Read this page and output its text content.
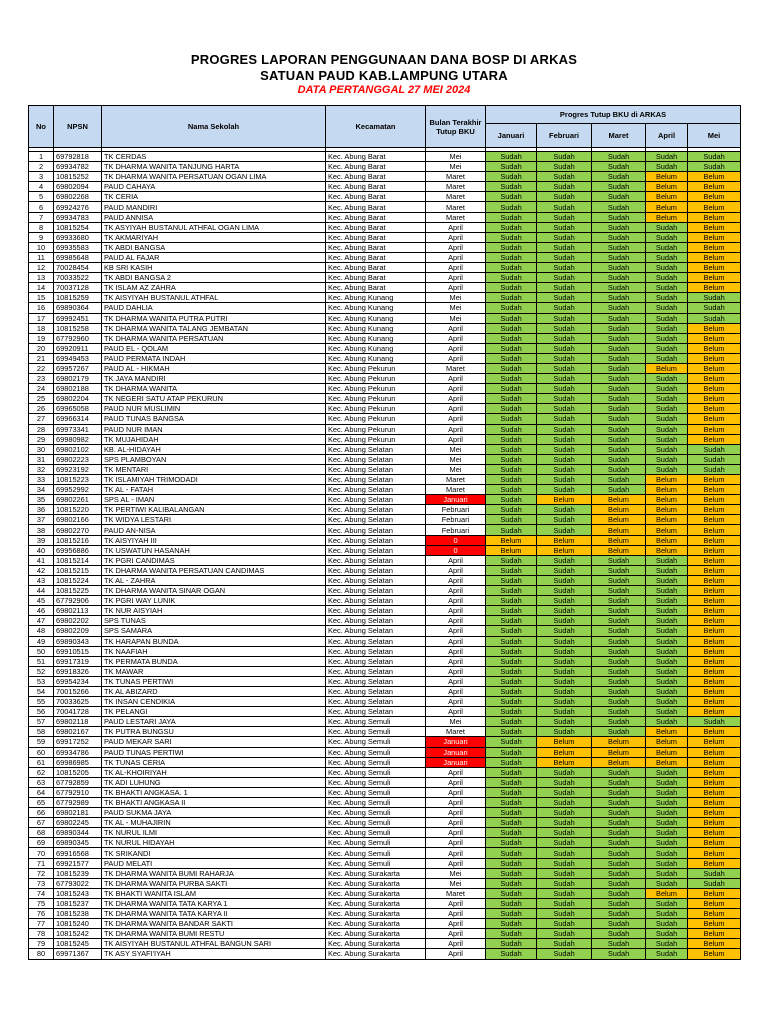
PROGRES LAPORAN PENGGUNAAN DANA BOSP DI ARKAS
SATUAN PAUD KAB.LAMPUNG UTARA
DATA PERTANGGAL 27 MEI 2024
No	NPSN	Nama Sekolah	Kecamatan	Bulan Terakhir Tutup BKU	Progres Tutup BKU di ARKAS				
					Januari	Februari	Maret	April	Mei

1	69792818	TK CERDAS	Kec. Abung Barat	Mei	Sudah	Sudah	Sudah	Sudah	Sudah
2	69934782	TK DHARMA WANITA TANJUNG HARTA	Kec. Abung Barat	Mei	Sudah	Sudah	Sudah	Sudah	Sudah
3	10815252	TK DHARMA WANITA PERSATUAN OGAN LIMA	Kec. Abung Barat	Maret	Sudah	Sudah	Sudah	Belum	Belum
4	69802094	PAUD CAHAYA	Kec. Abung Barat	Maret	Sudah	Sudah	Sudah	Belum	Belum
5	69802268	TK CERIA	Kec. Abung Barat	Maret	Sudah	Sudah	Sudah	Belum	Belum
6	69924276	PAUD MANDIRI	Kec. Abung Barat	Maret	Sudah	Sudah	Sudah	Belum	Belum
7	69934783	PAUD ANNISA	Kec. Abung Barat	Maret	Sudah	Sudah	Sudah	Belum	Belum
8	10815254	TK ASYIYAH BUSTANUL ATHFAL OGAN LIMA	Kec. Abung Barat	April	Sudah	Sudah	Sudah	Sudah	Belum
9	69933680	TK AKMARIYAH	Kec. Abung Barat	April	Sudah	Sudah	Sudah	Sudah	Belum
10	69935583	TK ABDI BANGSA	Kec. Abung Barat	April	Sudah	Sudah	Sudah	Sudah	Belum
11	69985648	PAUD AL FAJAR	Kec. Abung Barat	April	Sudah	Sudah	Sudah	Sudah	Belum
12	70028454	KB SRI KASIH	Kec. Abung Barat	April	Sudah	Sudah	Sudah	Sudah	Belum
13	70033522	TK ABDI BANGSA 2	Kec. Abung Barat	April	Sudah	Sudah	Sudah	Sudah	Belum
14	70037128	TK ISLAM AZ ZAHRA	Kec. Abung Barat	April	Sudah	Sudah	Sudah	Sudah	Belum
15	10815259	TK AISYIYAH BUSTANUL ATHFAL	Kec. Abung Kunang	Mei	Sudah	Sudah	Sudah	Sudah	Sudah
16	69890364	PAUD DAHLIA	Kec. Abung Kunang	Mei	Sudah	Sudah	Sudah	Sudah	Sudah
17	69992451	TK DHARMA WANITA PUTRA PUTRI	Kec. Abung Kunang	Mei	Sudah	Sudah	Sudah	Sudah	Sudah
18	10815258	TK DHARMA WANITA TALANG JEMBATAN	Kec. Abung Kunang	April	Sudah	Sudah	Sudah	Sudah	Belum
19	67792960	TK DHARMA WANITA PERSATUAN	Kec. Abung Kunang	April	Sudah	Sudah	Sudah	Sudah	Belum
20	69920911	PAUD EL - QOLAM	Kec. Abung Kunang	April	Sudah	Sudah	Sudah	Sudah	Belum
21	69949453	PAUD PERMATA INDAH	Kec. Abung Kunang	April	Sudah	Sudah	Sudah	Sudah	Belum
22	69957267	PAUD AL - HIKMAH	Kec. Abung Pekurun	Maret	Sudah	Sudah	Sudah	Belum	Belum
23	69802179	TK JAYA MANDIRI	Kec. Abung Pekurun	April	Sudah	Sudah	Sudah	Sudah	Belum
24	69802188	TK DHARMA WANITA	Kec. Abung Pekurun	April	Sudah	Sudah	Sudah	Sudah	Belum
25	69802204	TK NEGERI SATU ATAP PEKURUN	Kec. Abung Pekurun	April	Sudah	Sudah	Sudah	Sudah	Belum
26	69965058	PAUD NUR MUSLIMIN	Kec. Abung Pekurun	April	Sudah	Sudah	Sudah	Sudah	Belum
27	69966314	PAUD TUNAS BANGSA	Kec. Abung Pekurun	April	Sudah	Sudah	Sudah	Sudah	Belum
28	69973341	PAUD NUR IMAN	Kec. Abung Pekurun	April	Sudah	Sudah	Sudah	Sudah	Belum
29	69980982	TK MUJAHIDAH	Kec. Abung Pekurun	April	Sudah	Sudah	Sudah	Sudah	Belum
30	69802102	KB. AL-HIDAYAH	Kec. Abung Selatan	Mei	Sudah	Sudah	Sudah	Sudah	Sudah
31	69802223	SPS PLAMBOYAN	Kec. Abung Selatan	Mei	Sudah	Sudah	Sudah	Sudah	Sudah
32	69923192	TK MENTARI	Kec. Abung Selatan	Mei	Sudah	Sudah	Sudah	Sudah	Sudah
33	10815223	TK ISLAMIYAH TRIMODADI	Kec. Abung Selatan	Maret	Sudah	Sudah	Sudah	Belum	Belum
34	69952992	TK AL - FATAH	Kec. Abung Selatan	Maret	Sudah	Sudah	Sudah	Belum	Belum
35	69802261	SPS AL - IMAN	Kec. Abung Selatan	Januari	Sudah	Belum	Belum	Belum	Belum
36	10815220	TK PERTIWI KALIBALANGAN	Kec. Abung Selatan	Februari	Sudah	Sudah	Belum	Belum	Belum
37	69802166	TK WIDYA LESTARI	Kec. Abung Selatan	Februari	Sudah	Sudah	Belum	Belum	Belum
38	69802270	PAUD AN-NISA	Kec. Abung Selatan	Februari	Sudah	Sudah	Belum	Belum	Belum
39	10815216	TK AISYIYAH III	Kec. Abung Selatan	0	Belum	Belum	Belum	Belum	Belum
40	69956886	TK USWATUN HASANAH	Kec. Abung Selatan	0	Belum	Belum	Belum	Belum	Belum
41	10815214	TK PGRI CANDIMAS	Kec. Abung Selatan	April	Sudah	Sudah	Sudah	Sudah	Belum
42	10815215	TK DHARMA WANITA PERSATUAN CANDIMAS	Kec. Abung Selatan	April	Sudah	Sudah	Sudah	Sudah	Belum
43	10815224	TK AL - ZAHRA	Kec. Abung Selatan	April	Sudah	Sudah	Sudah	Sudah	Belum
44	10815225	TK DHARMA WANITA SINAR OGAN	Kec. Abung Selatan	April	Sudah	Sudah	Sudah	Sudah	Belum
45	67792906	TK PGRI WAY LUNIK	Kec. Abung Selatan	April	Sudah	Sudah	Sudah	Sudah	Belum
46	69802113	TK NUR AISYIAH	Kec. Abung Selatan	April	Sudah	Sudah	Sudah	Sudah	Belum
47	69802202	SPS TUNAS	Kec. Abung Selatan	April	Sudah	Sudah	Sudah	Sudah	Belum
48	69802209	SPS SAMARA	Kec. Abung Selatan	April	Sudah	Sudah	Sudah	Sudah	Belum
49	69890343	TK HARAPAN BUNDA	Kec. Abung Selatan	April	Sudah	Sudah	Sudah	Sudah	Belum
50	69910515	TK NAAFIAH	Kec. Abung Selatan	April	Sudah	Sudah	Sudah	Sudah	Belum
51	69917319	TK PERMATA BUNDA	Kec. Abung Selatan	April	Sudah	Sudah	Sudah	Sudah	Belum
52	69918326	TK MAWAR	Kec. Abung Selatan	April	Sudah	Sudah	Sudah	Sudah	Belum
53	69954234	TK TUNAS PERTIWI	Kec. Abung Selatan	April	Sudah	Sudah	Sudah	Sudah	Belum
54	70015266	TK AL ABIZARD	Kec. Abung Selatan	April	Sudah	Sudah	Sudah	Sudah	Belum
55	70033625	TK INSAN CENDIKIA	Kec. Abung Selatan	April	Sudah	Sudah	Sudah	Sudah	Belum
56	70041728	TK PELANGI	Kec. Abung Selatan	April	Sudah	Sudah	Sudah	Sudah	Belum
57	69802118	PAUD LESTARI JAYA	Kec. Abung Semuli	Mei	Sudah	Sudah	Sudah	Sudah	Sudah
58	69802167	TK PUTRA BUNGSU	Kec. Abung Semuli	Maret	Sudah	Sudah	Sudah	Belum	Belum
59	69917252	PAUD MEKAR SARI	Kec. Abung Semuli	Januari	Sudah	Belum	Belum	Belum	Belum
60	69934786	PAUD TUNAS PERTIWI	Kec. Abung Semuli	Januari	Sudah	Belum	Belum	Belum	Belum
61	69986985	TK TUNAS CERIA	Kec. Abung Semuli	Januari	Sudah	Belum	Belum	Belum	Belum
62	10815205	TK AL-KHOIRIYAH	Kec. Abung Semuli	April	Sudah	Sudah	Sudah	Sudah	Belum
63	67792859	TK ADI LUHUNG	Kec. Abung Semuli	April	Sudah	Sudah	Sudah	Sudah	Belum
64	67792910	TK BHAKTI ANGKASA. 1	Kec. Abung Semuli	April	Sudah	Sudah	Sudah	Sudah	Belum
65	67792989	TK BHAKTI ANGKASA II	Kec. Abung Semuli	April	Sudah	Sudah	Sudah	Sudah	Belum
66	69802181	PAUD SUKMA JAYA	Kec. Abung Semuli	April	Sudah	Sudah	Sudah	Sudah	Belum
67	69802245	TK AL - MUHAJIRIN	Kec. Abung Semuli	April	Sudah	Sudah	Sudah	Sudah	Belum
68	69890344	TK NURUL ILMI	Kec. Abung Semuli	April	Sudah	Sudah	Sudah	Sudah	Belum
69	69890345	TK NURUL HIDAYAH	Kec. Abung Semuli	April	Sudah	Sudah	Sudah	Sudah	Belum
70	69916568	TK SRIKANDI	Kec. Abung Semuli	April	Sudah	Sudah	Sudah	Sudah	Belum
71	69921577	PAUD MELATI	Kec. Abung Semuli	April	Sudah	Sudah	Sudah	Sudah	Belum
72	10815239	TK DHARMA WANITA BUMI RAHARJA	Kec. Abung Surakarta	Mei	Sudah	Sudah	Sudah	Sudah	Sudah
73	67793022	TK DHARMA WANITA PURBA SAKTI	Kec. Abung Surakarta	Mei	Sudah	Sudah	Sudah	Sudah	Sudah
74	10815243	TK BHAKTI WANITA ISLAM	Kec. Abung Surakarta	Maret	Sudah	Sudah	Sudah	Belum	Belum
75	10815237	TK DHARMA WANITA TATA KARYA 1	Kec. Abung Surakarta	April	Sudah	Sudah	Sudah	Sudah	Belum
76	10815238	TK DHARMA WANITA TATA KARYA II	Kec. Abung Surakarta	April	Sudah	Sudah	Sudah	Sudah	Belum
77	10815240	TK DHARMA WANITA BANDAR SAKTI	Kec. Abung Surakarta	April	Sudah	Sudah	Sudah	Sudah	Belum
78	10815242	TK DHARMA WANITA BUMI RESTU	Kec. Abung Surakarta	April	Sudah	Sudah	Sudah	Sudah	Belum
79	10815245	TK AISYIYAH BUSTANUL ATHFAL BANGUN SARI	Kec. Abung Surakarta	April	Sudah	Sudah	Sudah	Sudah	Belum
80	69971367	TK ASY SYAFI'IYAH	Kec. Abung Surakarta	April	Sudah	Sudah	Sudah	Sudah	Belum
